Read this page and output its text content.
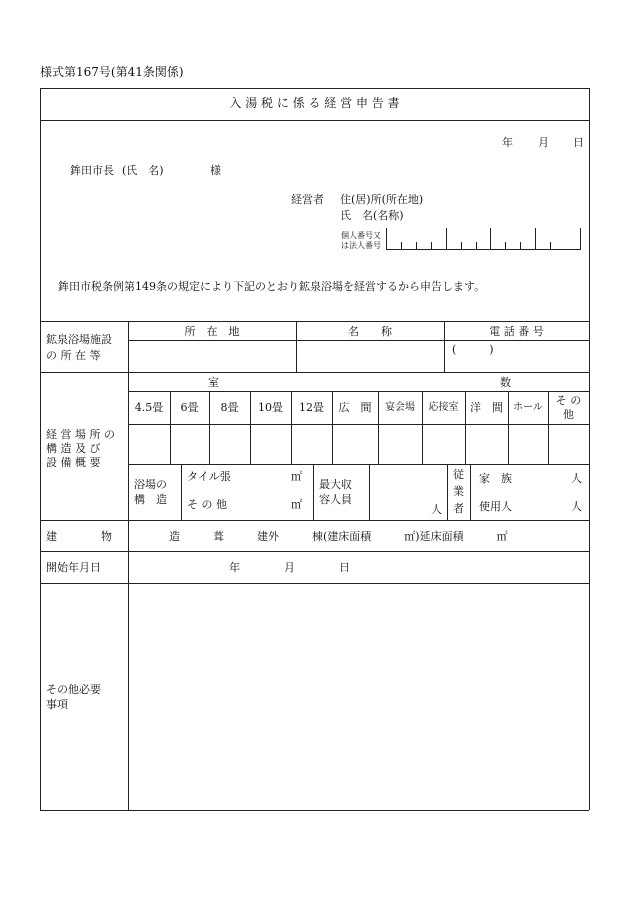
様式第167号(第41条関係)
入 湯 税 に 係 る 経 営 申 告 書
年 月 日
鉾田市長 (氏　名)	様
経営者 住(居)所(所在地)
氏　名(名称)
個人番号又
は法人番号
鉾田市税条例第149条の規定により下記のとおり鉱泉浴場を経営するから申告します。
鉱泉浴場施設
の 所 在 等
所　在　地	名　　称	電 話 番 号
(　　　)
経 営 場 所 の
構 造 及 び
設 備 概 要
室	数
4.5畳	6畳	8畳	10畳	12畳	広　間	宴会場	応接室	洋　間	ホール
そ の
他
浴場の
構　造
タイル張	㎡
そ の 他	㎡
最大収
容人員
人
従
業
者
家　族	人
使用人	人
建　　　　物	造　　　葺　　　建外　　　棟(建床面積　　　㎡)延床面積　　　㎡
開始年月日	年　　　　月　　　　日
その他必要
事項
